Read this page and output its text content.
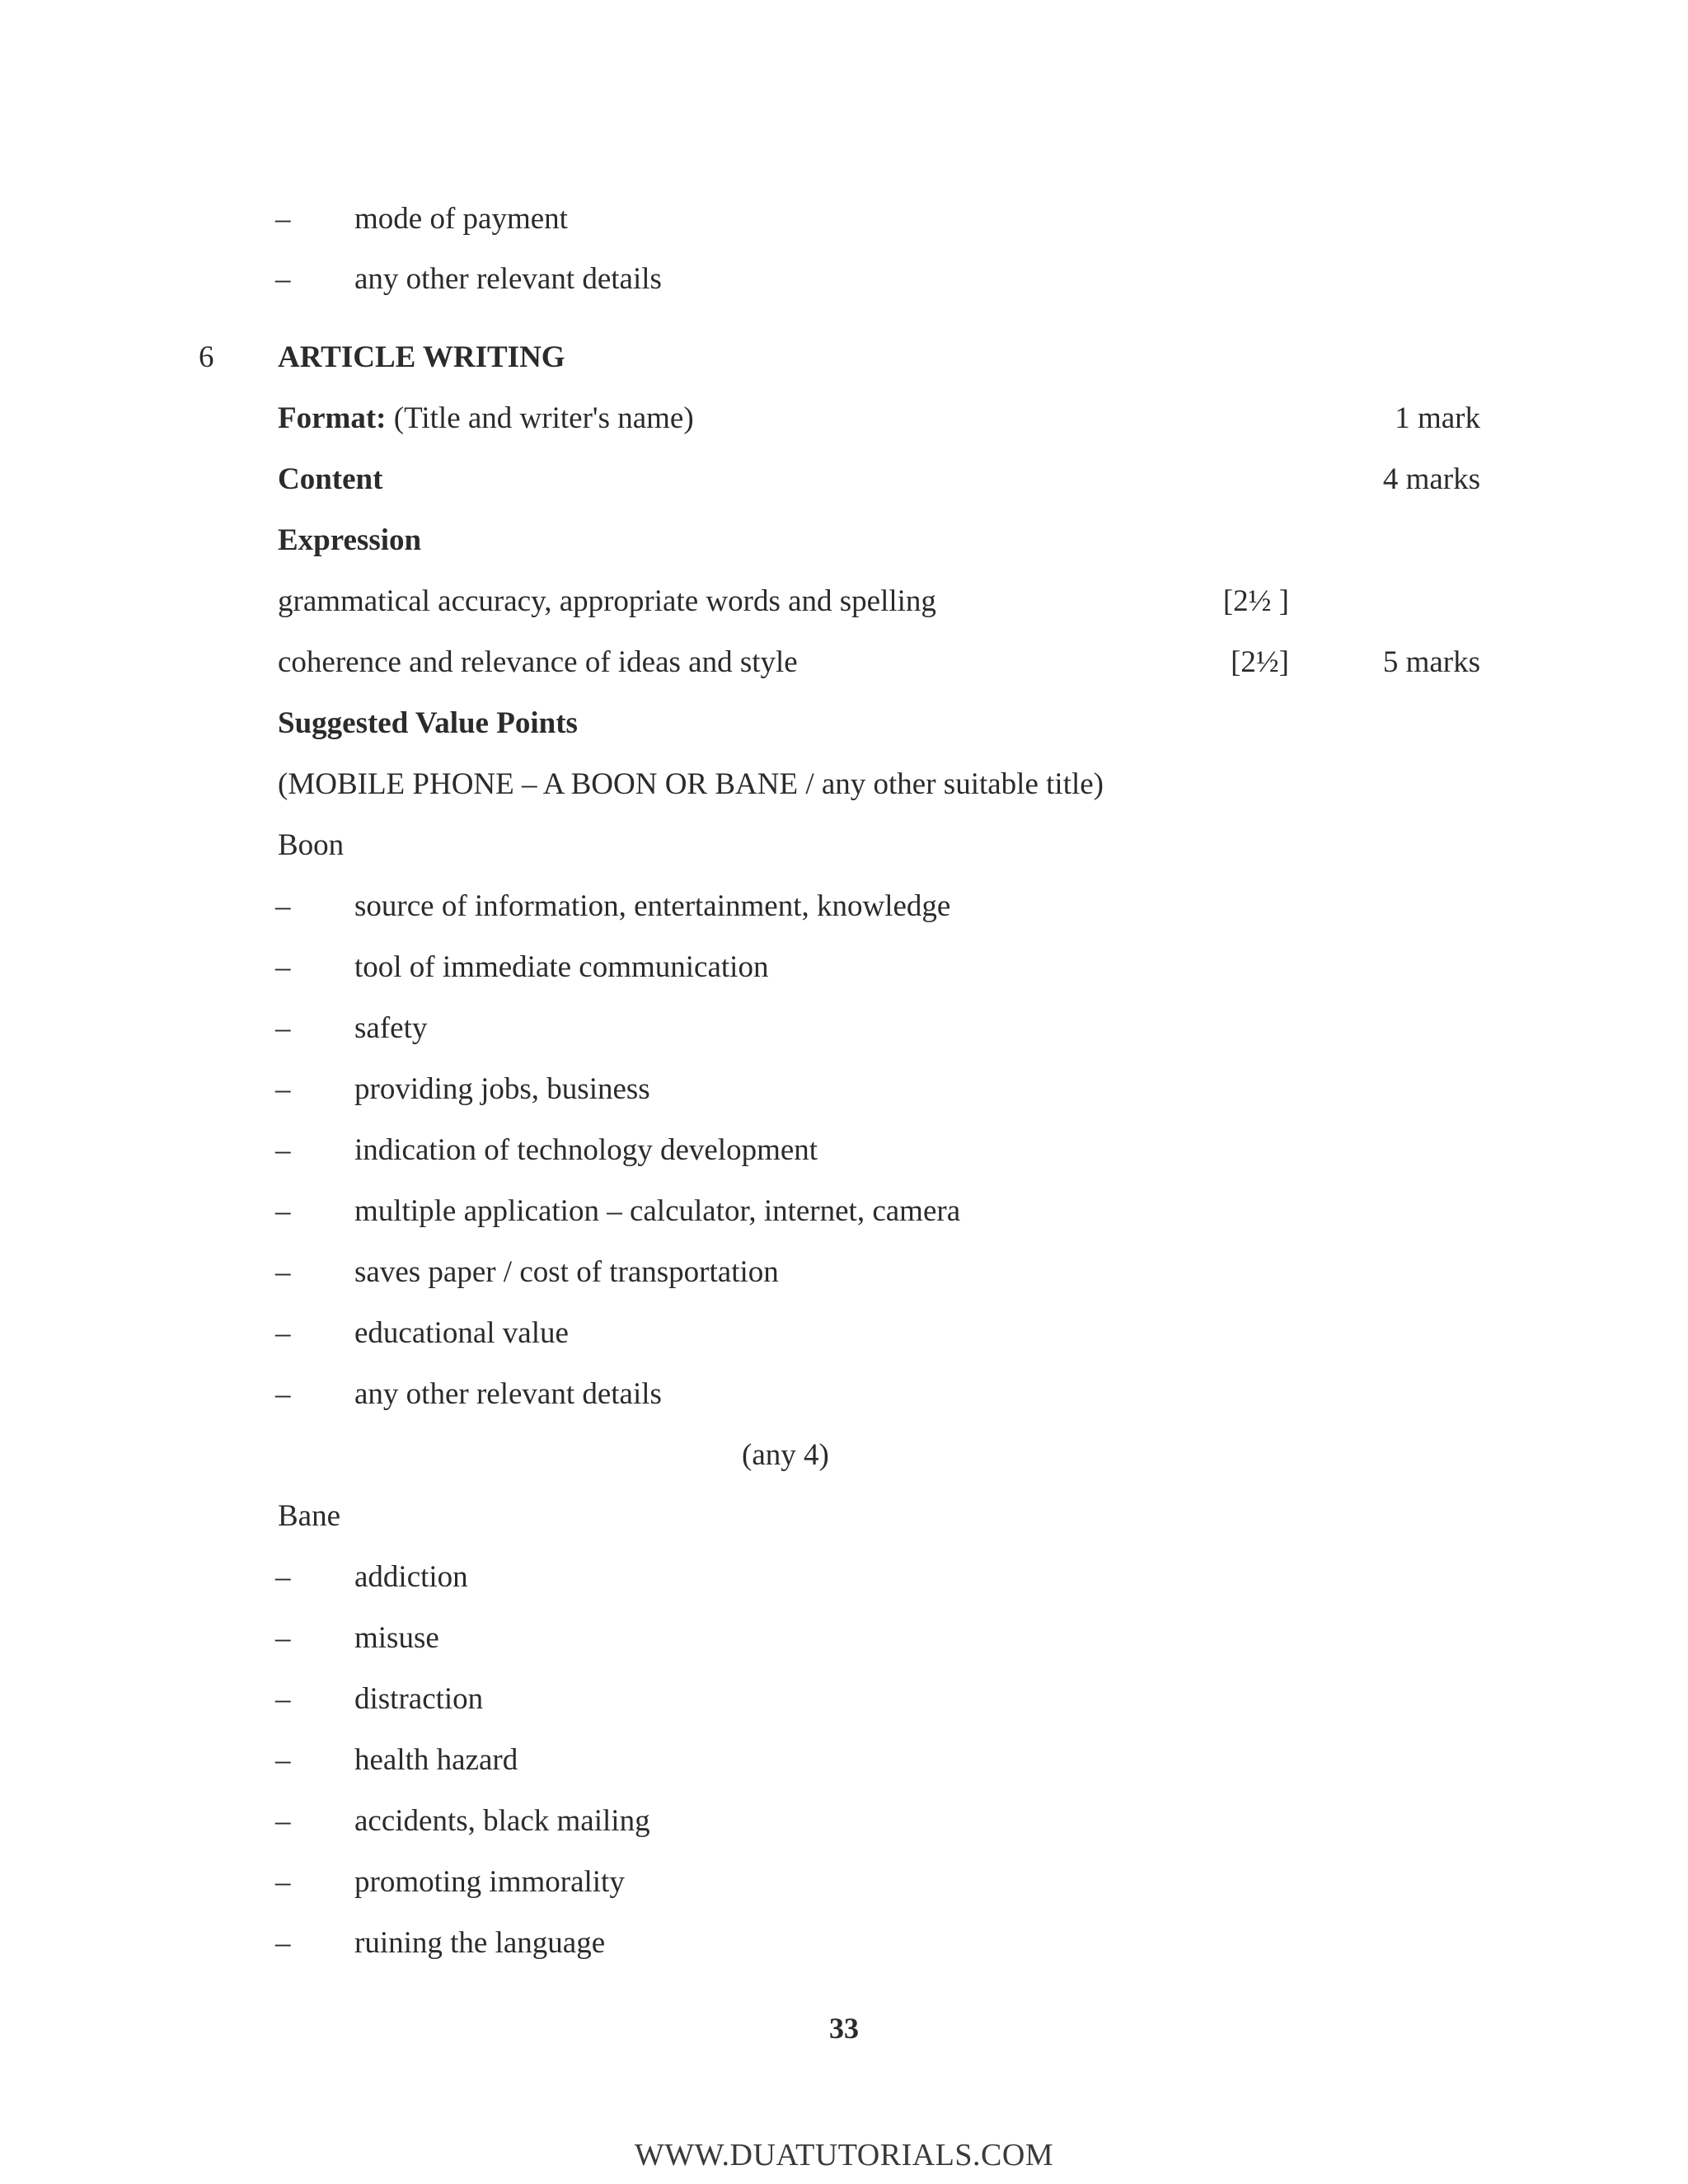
– mode of payment
– any other relevant details
6 ARTICLE WRITING
Format: (Title and writer's name)	1 mark
Content	4 marks
Expression
grammatical accuracy, appropriate words and spelling	[2½ ]
coherence and relevance of ideas and style	[2½]	5 marks
Suggested Value Points
(MOBILE PHONE – A BOON OR BANE / any other suitable title)
Boon
– source of information, entertainment, knowledge
– tool of immediate communication
– safety
– providing jobs, business
– indication of technology development
– multiple application – calculator, internet, camera
– saves paper / cost of transportation
– educational value
– any other relevant details
(any 4)
Bane
– addiction
– misuse
– distraction
– health hazard
– accidents, black mailing
– promoting immorality
– ruining the language
33
WWW.DUATUTORIALS.COM
